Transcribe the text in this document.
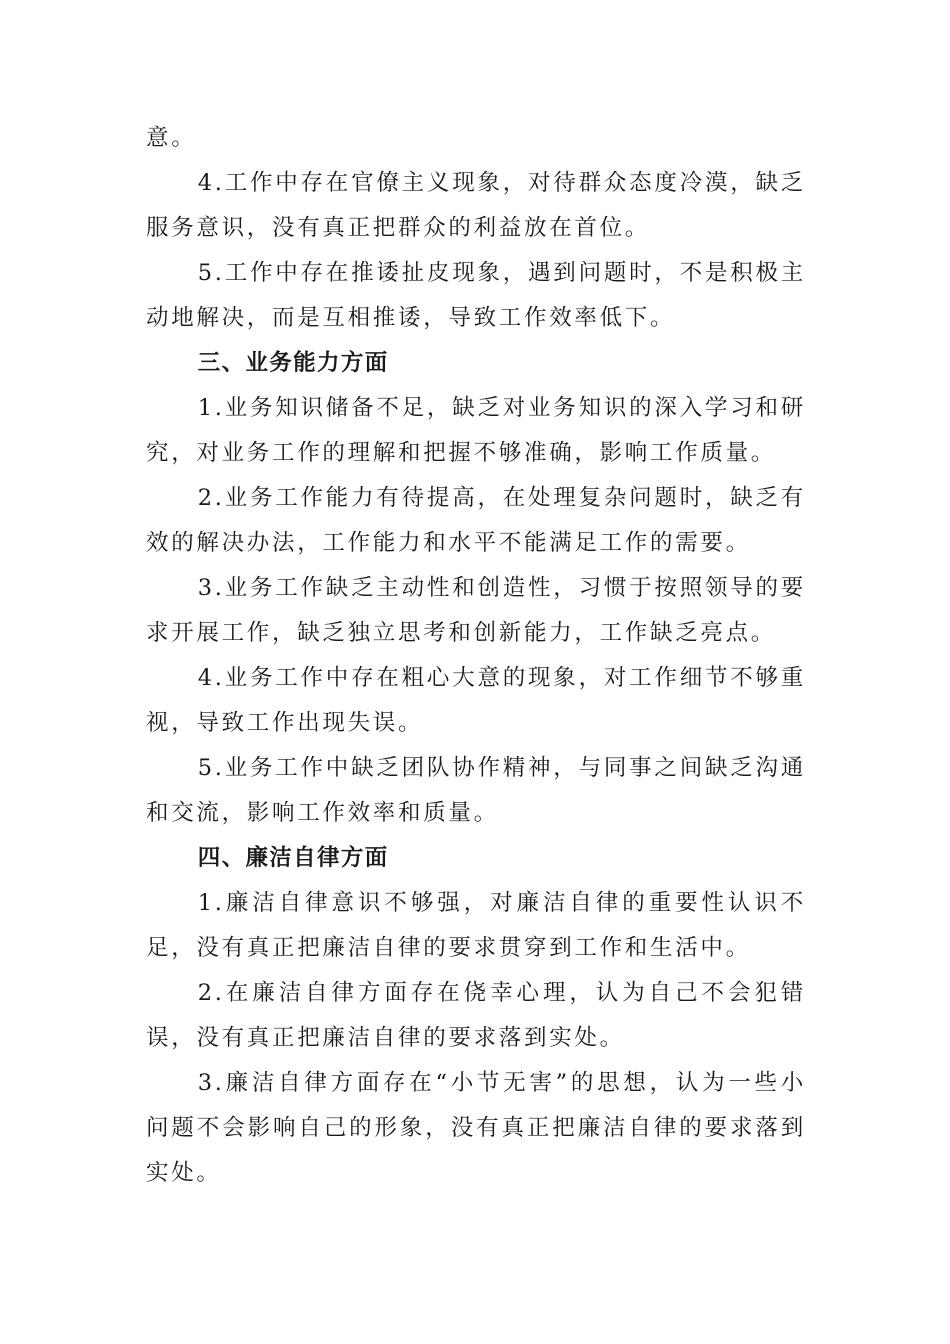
意。

4.工作中存在官僚主义现象，对待群众态度冷漠，缺乏服务意识，没有真正把群众的利益放在首位。

5.工作中存在推诿扯皮现象，遇到问题时，不是积极主动地解决，而是互相推诿，导致工作效率低下。

三、业务能力方面

1.业务知识储备不足，缺乏对业务知识的深入学习和研究，对业务工作的理解和把握不够准确，影响工作质量。

2.业务工作能力有待提高，在处理复杂问题时，缺乏有效的解决办法，工作能力和水平不能满足工作的需要。

3.业务工作缺乏主动性和创造性，习惯于按照领导的要求开展工作，缺乏独立思考和创新能力，工作缺乏亮点。

4.业务工作中存在粗心大意的现象，对工作细节不够重视，导致工作出现失误。

5.业务工作中缺乏团队协作精神，与同事之间缺乏沟通和交流，影响工作效率和质量。

四、廉洁自律方面

1.廉洁自律意识不够强，对廉洁自律的重要性认识不足，没有真正把廉洁自律的要求贯穿到工作和生活中。

2.在廉洁自律方面存在侥幸心理，认为自己不会犯错误，没有真正把廉洁自律的要求落到实处。

3.廉洁自律方面存在“小节无害”的思想，认为一些小问题不会影响自己的形象，没有真正把廉洁自律的要求落到实处。
